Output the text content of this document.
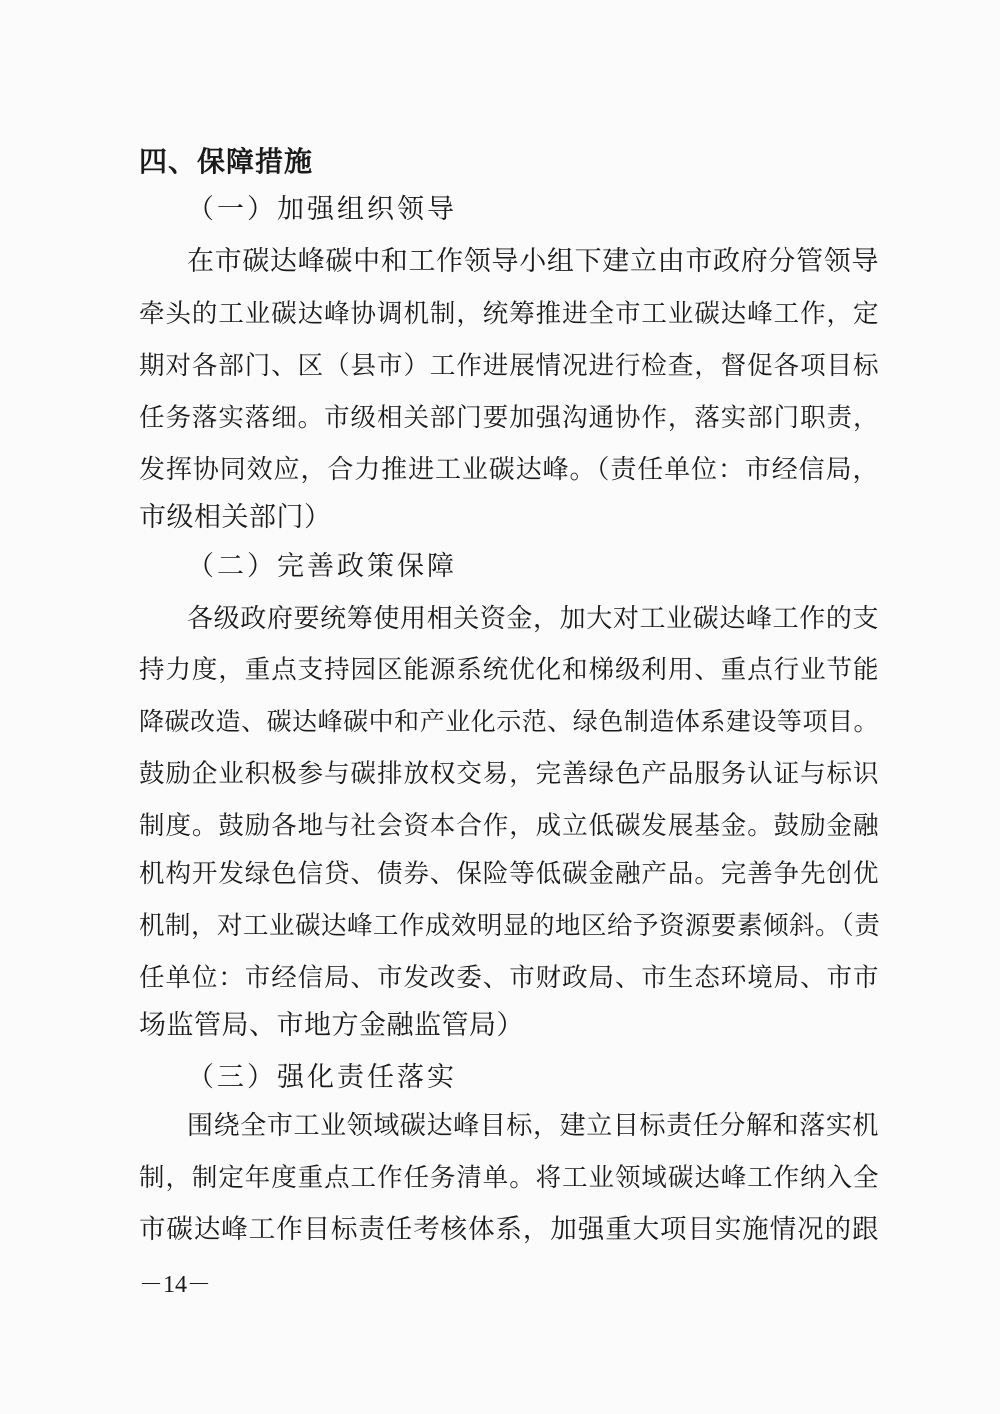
四、保障措施
（一）加强组织领导
在市碳达峰碳中和工作领导小组下建立由市政府分管领导
牵头的工业碳达峰协调机制，统筹推进全市工业碳达峰工作，定
期对各部门、区（县市）工作进展情况进行检查，督促各项目标
任务落实落细。市级相关部门要加强沟通协作，落实部门职责，
发挥协同效应，合力推进工业碳达峰。（责任单位：市经信局，
市级相关部门）
（二）完善政策保障
各级政府要统筹使用相关资金，加大对工业碳达峰工作的支
持力度，重点支持园区能源系统优化和梯级利用、重点行业节能
降碳改造、碳达峰碳中和产业化示范、绿色制造体系建设等项目。
鼓励企业积极参与碳排放权交易，完善绿色产品服务认证与标识
制度。鼓励各地与社会资本合作，成立低碳发展基金。鼓励金融
机构开发绿色信贷、债券、保险等低碳金融产品。完善争先创优
机制，对工业碳达峰工作成效明显的地区给予资源要素倾斜。（责
任单位：市经信局、市发改委、市财政局、市生态环境局、市市
场监管局、市地方金融监管局）
（三）强化责任落实
围绕全市工业领域碳达峰目标，建立目标责任分解和落实机
制，制定年度重点工作任务清单。将工业领域碳达峰工作纳入全
市碳达峰工作目标责任考核体系，加强重大项目实施情况的跟
－14－
